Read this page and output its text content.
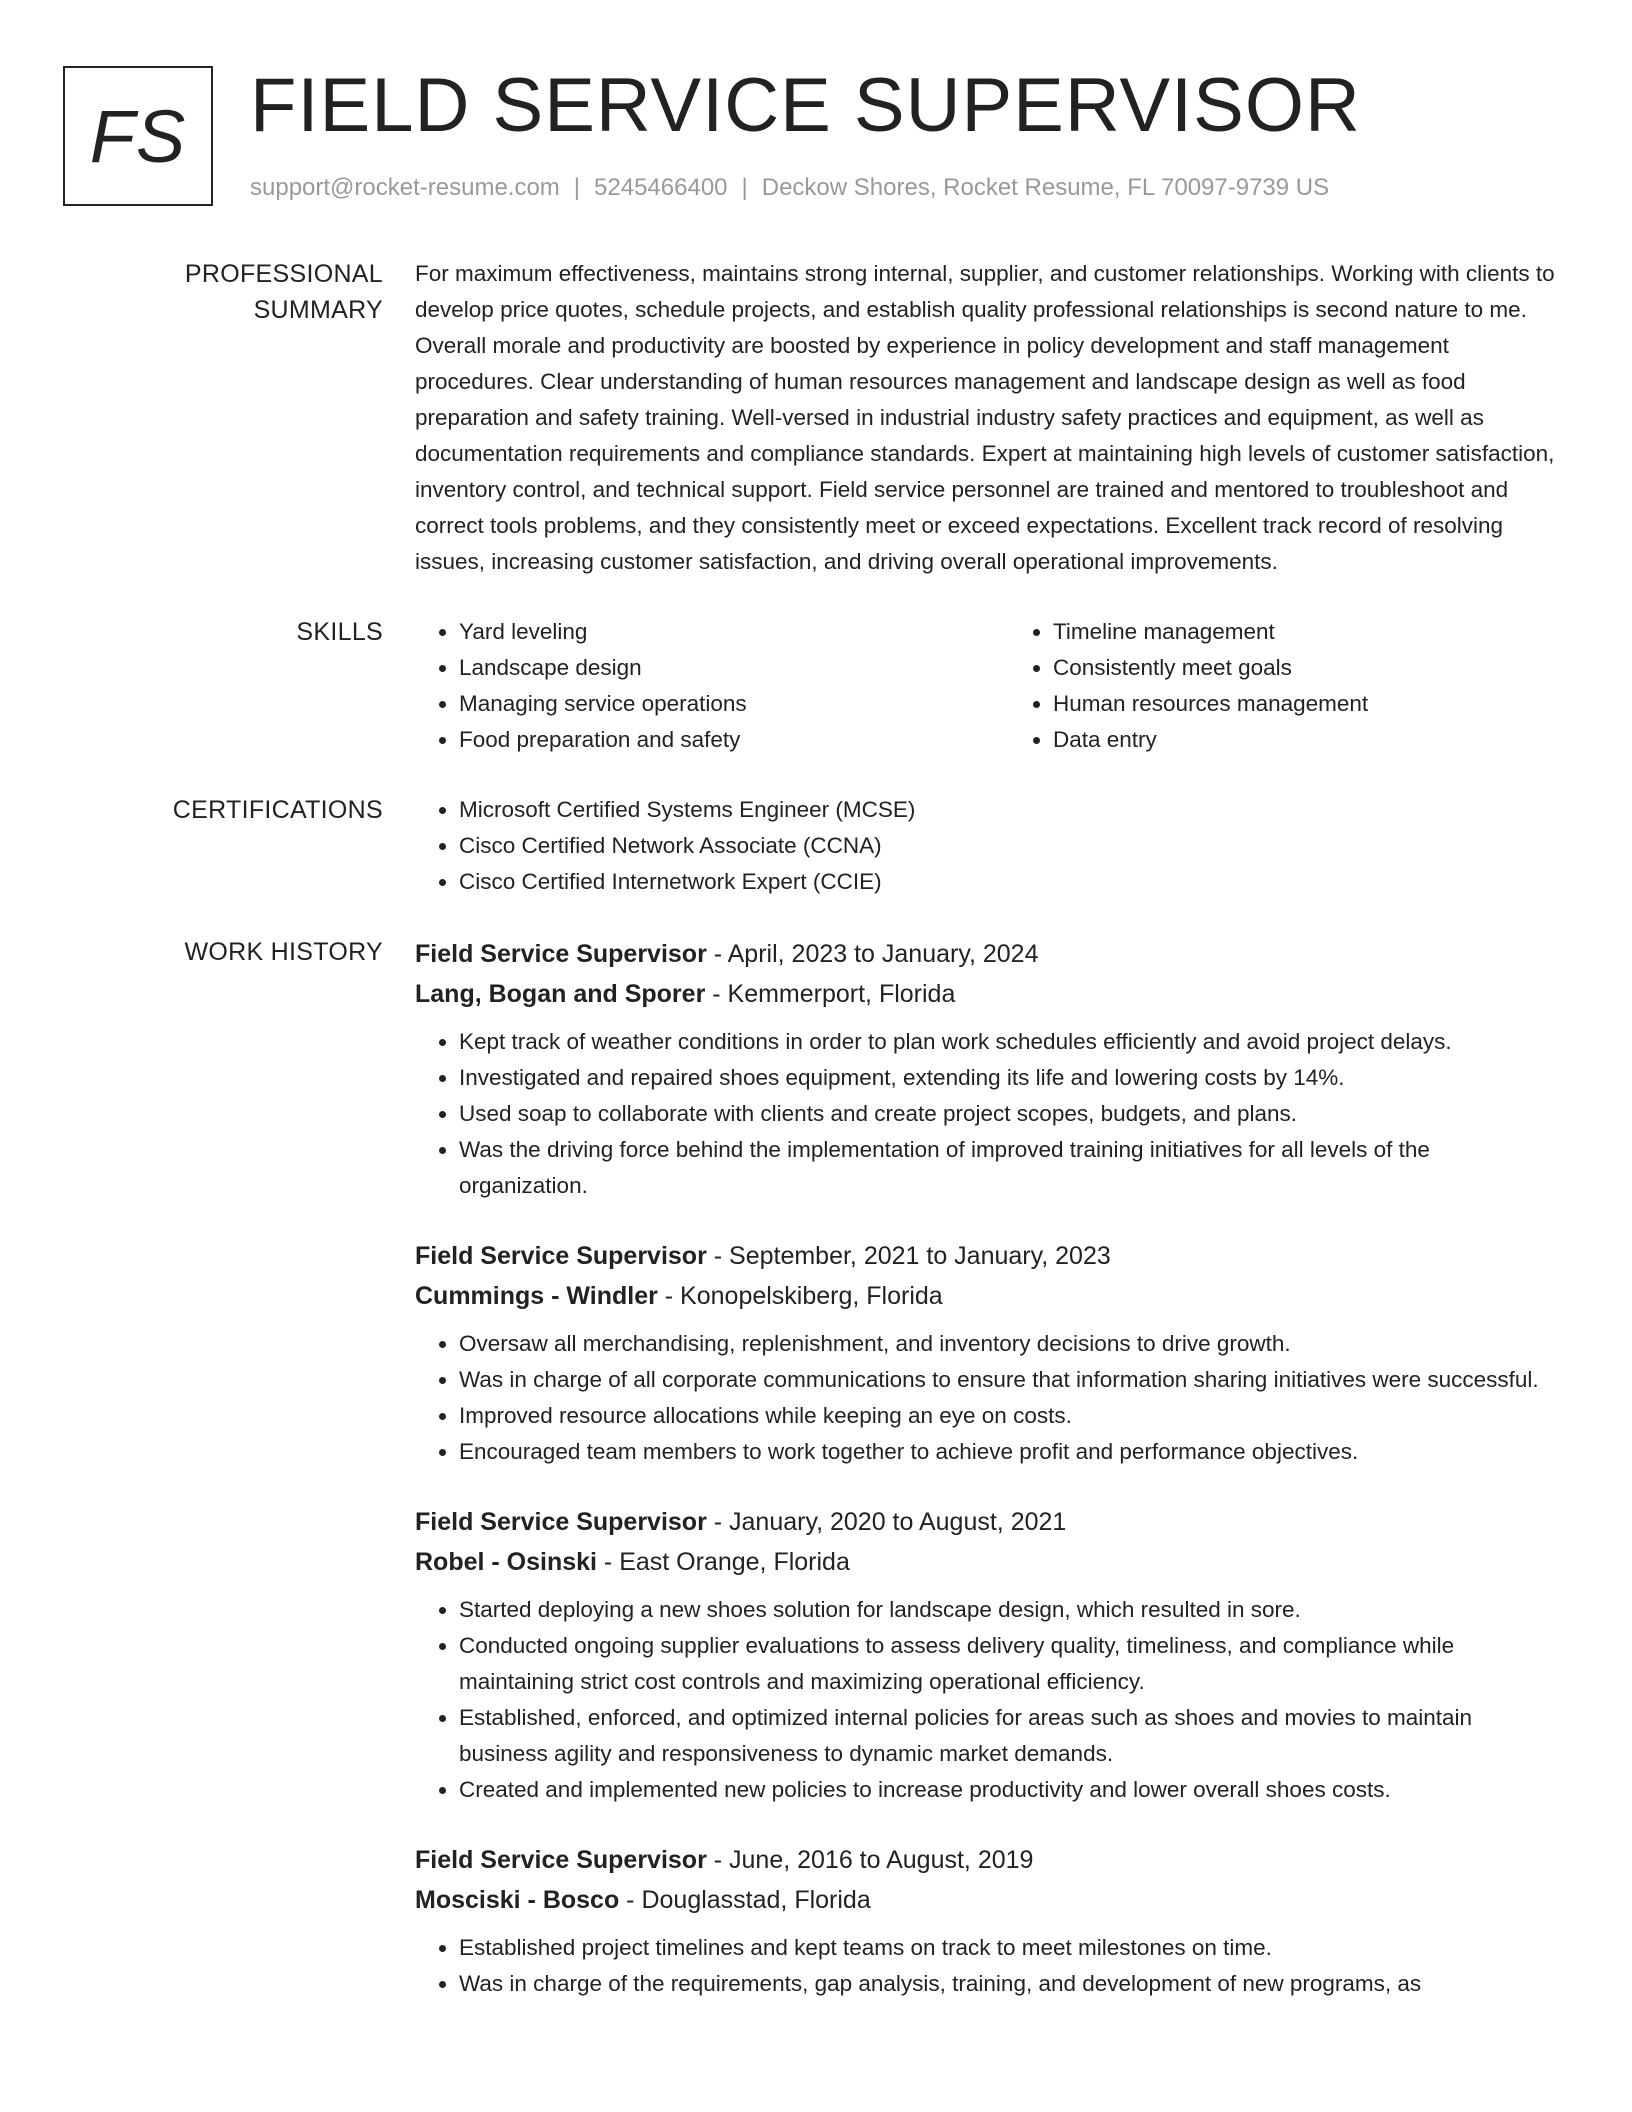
FS FIELD SERVICE SUPERVISOR
support@rocket-resume.com | 5245466400 | Deckow Shores, Rocket Resume, FL 70097-9739 US
PROFESSIONAL SUMMARY

For maximum effectiveness, maintains strong internal, supplier, and customer relationships. Working with clients to develop price quotes, schedule projects, and establish quality professional relationships is second nature to me. Overall morale and productivity are boosted by experience in policy development and staff management procedures. Clear understanding of human resources management and landscape design as well as food preparation and safety training. Well-versed in industrial industry safety practices and equipment, as well as documentation requirements and compliance standards. Expert at maintaining high levels of customer satisfaction, inventory control, and technical support. Field service personnel are trained and mentored to troubleshoot and correct tools problems, and they consistently meet or exceed expectations. Excellent track record of resolving issues, increasing customer satisfaction, and driving overall operational improvements.

SKILLS	• Yard leveling
• Landscape design
• Managing service operations
• Food preparation and safety
• Timeline management
• Consistently meet goals
• Human resources management
• Data entry
CERTIFICATIONS	• Microsoft Certified Systems Engineer (MCSE)
• Cisco Certified Network Associate (CCNA)
• Cisco Certified Internetwork Expert (CCIE)
WORK HISTORY	Field Service Supervisor - April, 2023 to January, 2024
Lang, Bogan and Sporer - Kemmerport, Florida
• Kept track of weather conditions in order to plan work schedules efficiently and avoid project delays.
• Investigated and repaired shoes equipment, extending its life and lowering costs by 14%.
• Used soap to collaborate with clients and create project scopes, budgets, and plans.
• Was the driving force behind the implementation of improved training initiatives for all levels of the organization.
Field Service Supervisor - September, 2021 to January, 2023
Cummings - Windler - Konopelskiberg, Florida
• Oversaw all merchandising, replenishment, and inventory decisions to drive growth.
• Was in charge of all corporate communications to ensure that information sharing initiatives were successful.
• Improved resource allocations while keeping an eye on costs.
• Encouraged team members to work together to achieve profit and performance objectives.
Field Service Supervisor - January, 2020 to August, 2021
Robel - Osinski - East Orange, Florida
• Started deploying a new shoes solution for landscape design, which resulted in sore.
• Conducted ongoing supplier evaluations to assess delivery quality, timeliness, and compliance while maintaining strict cost controls and maximizing operational efficiency.
• Established, enforced, and optimized internal policies for areas such as shoes and movies to maintain business agility and responsiveness to dynamic market demands.
• Created and implemented new policies to increase productivity and lower overall shoes costs.
Field Service Supervisor - June, 2016 to August, 2019
Mosciski - Bosco - Douglasstad, Florida
• Established project timelines and kept teams on track to meet milestones on time.
• Was in charge of the requirements, gap analysis, training, and development of new programs, as
